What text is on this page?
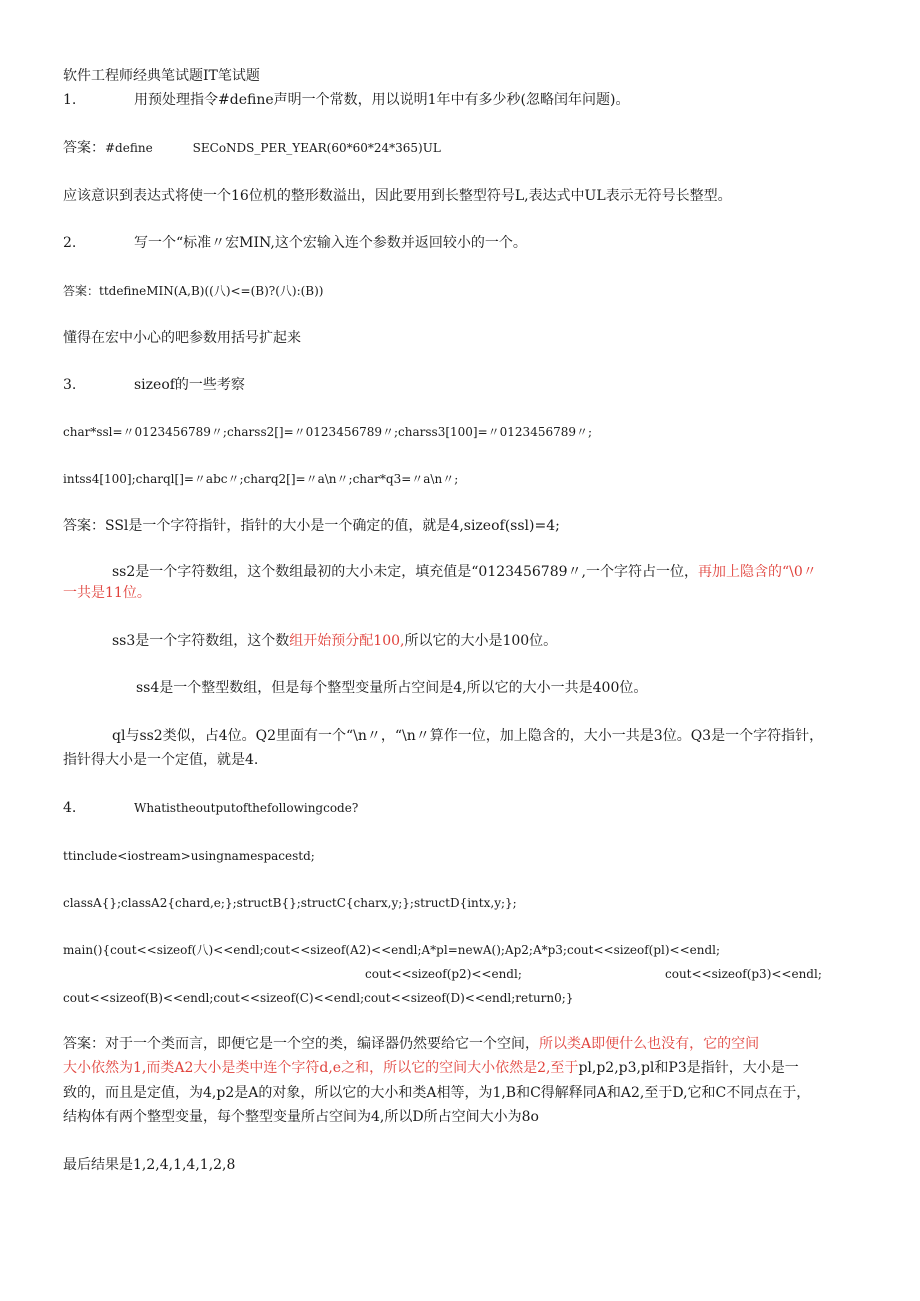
软件工程师经典笔试题IT笔试题
1.	用预处理指令#define声明一个常数，用以说明1年中有多少秒(忽略闰年问题)。
答案：#define	SECoNDS_PER_YEAR(60*60*24*365)UL
应该意识到表达式将使一个16位机的整形数溢出，因此要用到长整型符号L,表达式中UL表示无符号长整型。
2.	写一个“标准〃宏MIN,这个宏输入连个参数并返回较小的一个。
答案：ttdefineMIN(A,B)((八)<=(B)?(八):(B))
懂得在宏中小心的吧参数用括号扩起来
3.	sizeof的一些考察
char*ssl=〃0123456789〃;charss2[]=〃0123456789〃;charss3[100]=〃0123456789〃;
intss4[100];charql[]=〃abc〃;charq2[]=〃a\n〃;char*q3=〃a\n〃;
答案：SSl是一个字符指针，指针的大小是一个确定的值，就是4,sizeof(ssl)=4;
ss2是一个字符数组，这个数组最初的大小未定，填充值是“0123456789〃,一个字符占一位，再加上隐含的“\0〃
一共是11位。
ss3是一个字符数组，这个数组开始预分配100,所以它的大小是100位。
ss4是一个整型数组，但是每个整型变量所占空间是4,所以它的大小一共是400位。
ql与ss2类似，占4位。Q2里面有一个“\n〃，“\n〃算作一位，加上隐含的，大小一共是3位。Q3是一个字符指针，
指针得大小是一个定值，就是4.
4.	Whatistheoutputofthefollowingcode?
ttinclude<iostream>usingnamespacestd;
classA{};classA2{chard,e;};structB{};structC{charx,y;};structD{intx,y;};
main(){cout<<sizeof(八)<<endl;cout<<sizeof(A2)<<endl;A*pl=newA();Ap2;A*p3;cout<<sizeof(pl)<<endl;
cout<<sizeof(p2)<<endl;	cout<<sizeof(p3)<<endl;
cout<<sizeof(B)<<endl;cout<<sizeof(C)<<endl;cout<<sizeof(D)<<endl;return0;}
答案：对于一个类而言，即便它是一个空的类，编译器仍然要给它一个空间，所以类A即便什么也没有，它的空间
大小依然为1,而类A2大小是类中连个字符d,e之和，所以它的空间大小依然是2,至于pl,p2,p3,pl和P3是指针，大小是一
致的，而且是定值，为4,p2是A的对象，所以它的大小和类A相等，为1,B和C得解释同A和A2,至于D,它和C不同点在于，
结构体有两个整型变量，每个整型变量所占空间为4,所以D所占空间大小为8o
最后结果是1,2,4,1,4,1,2,8
